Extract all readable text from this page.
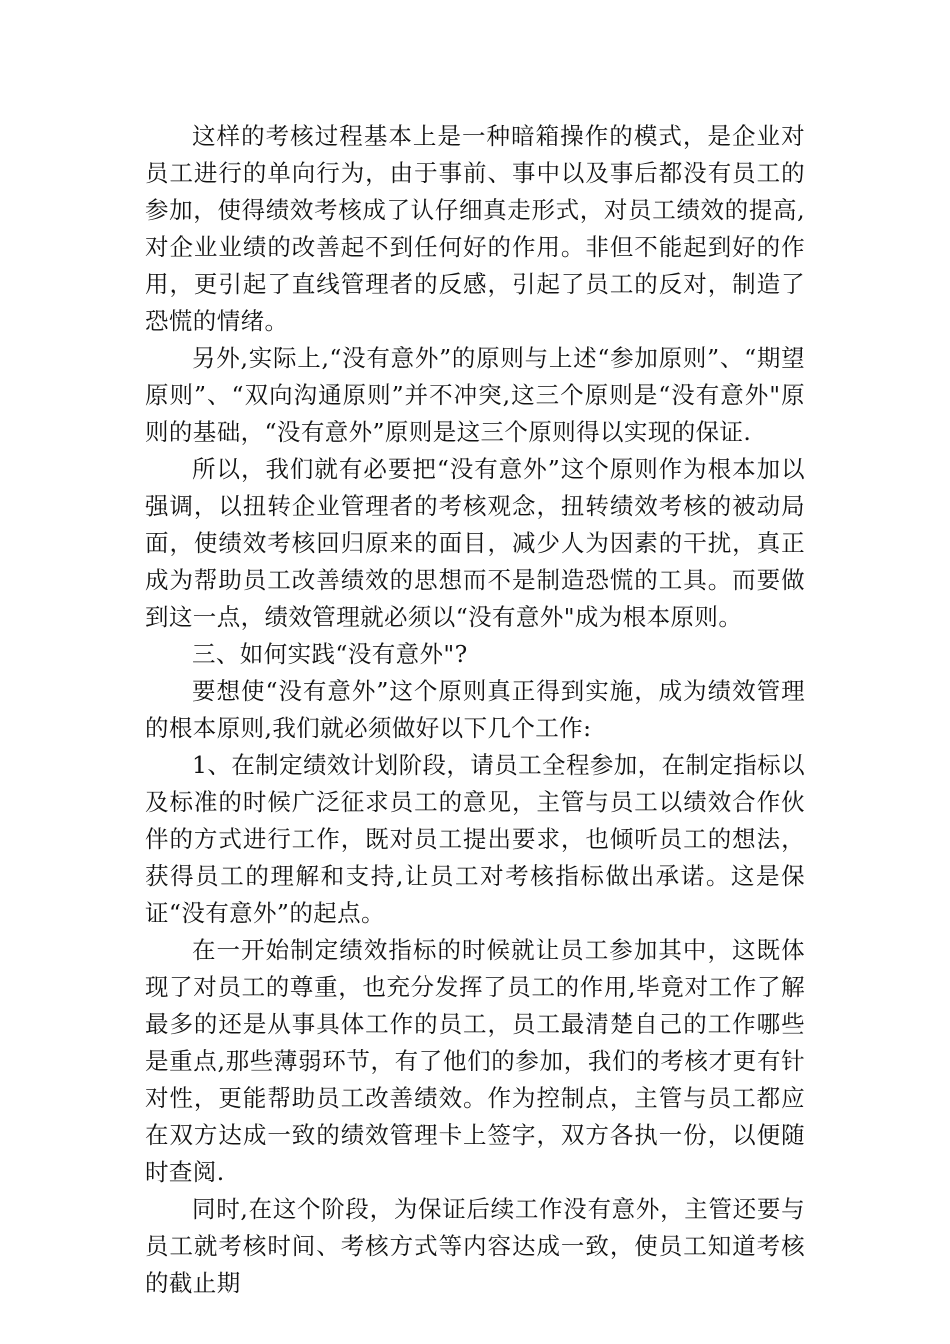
这样的考核过程基本上是一种暗箱操作的模式，是企业对员工进行的单向行为，由于事前、事中以及事后都没有员工的参加，使得绩效考核成了认仔细真走形式，对员工绩效的提高,对企业业绩的改善起不到任何好的作用。非但不能起到好的作用，更引起了直线管理者的反感，引起了员工的反对，制造了恐慌的情绪。

另外,实际上,“没有意外”的原则与上述“参加原则”、“期望原则”、“双向沟通原则”并不冲突,这三个原则是“没有意外"原则的基础，“没有意外”原则是这三个原则得以实现的保证.

所以，我们就有必要把“没有意外”这个原则作为根本加以强调，以扭转企业管理者的考核观念，扭转绩效考核的被动局面，使绩效考核回归原来的面目，减少人为因素的干扰，真正成为帮助员工改善绩效的思想而不是制造恐慌的工具。而要做到这一点，绩效管理就必须以“没有意外"成为根本原则。

三、如何实践“没有意外"?

要想使“没有意外”这个原则真正得到实施，成为绩效管理的根本原则,我们就必须做好以下几个工作:

1、在制定绩效计划阶段，请员工全程参加，在制定指标以及标准的时候广泛征求员工的意见，主管与员工以绩效合作伙伴的方式进行工作，既对员工提出要求，也倾听员工的想法，获得员工的理解和支持,让员工对考核指标做出承诺。这是保证“没有意外”的起点。

在一开始制定绩效指标的时候就让员工参加其中，这既体现了对员工的尊重，也充分发挥了员工的作用,毕竟对工作了解最多的还是从事具体工作的员工，员工最清楚自己的工作哪些是重点,那些薄弱环节，有了他们的参加，我们的考核才更有针对性，更能帮助员工改善绩效。作为控制点，主管与员工都应在双方达成一致的绩效管理卡上签字，双方各执一份，以便随时查阅.

同时,在这个阶段，为保证后续工作没有意外，主管还要与员工就考核时间、考核方式等内容达成一致，使员工知道考核的截止期
